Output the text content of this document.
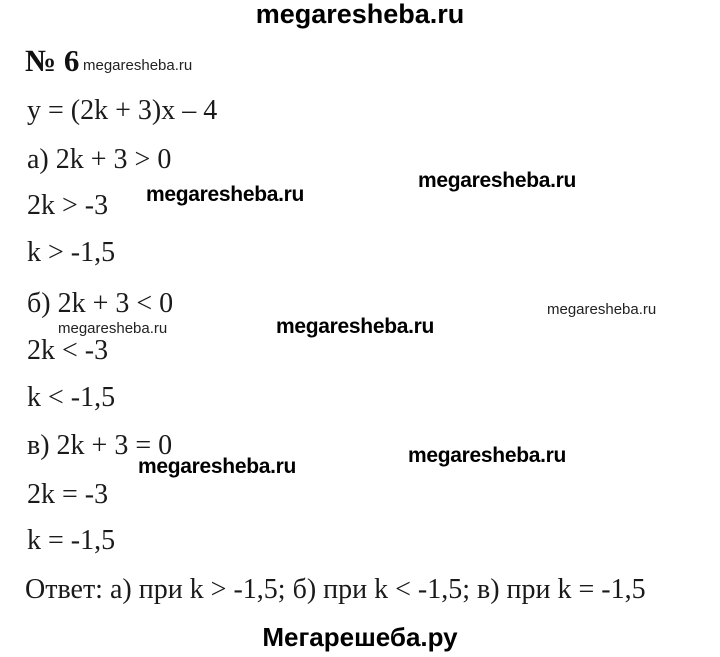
megaresheba.ru
№ 6 megaresheba.ru
y = (2k + 3)x – 4
а) 2k + 3 > 0
megaresheba.ru
megaresheba.ru
2k > -3
k > -1,5
б) 2k + 3 < 0
megaresheba.ru	megaresheba.ru
megaresheba.ru
2k < -3
k < -1,5
в) 2k + 3 = 0
megaresheba.ru	megaresheba.ru
2k = -3
k = -1,5
Ответ: а) при k > -1,5; б) при k < -1,5; в) при k = -1,5
Мегарешеба.ру
